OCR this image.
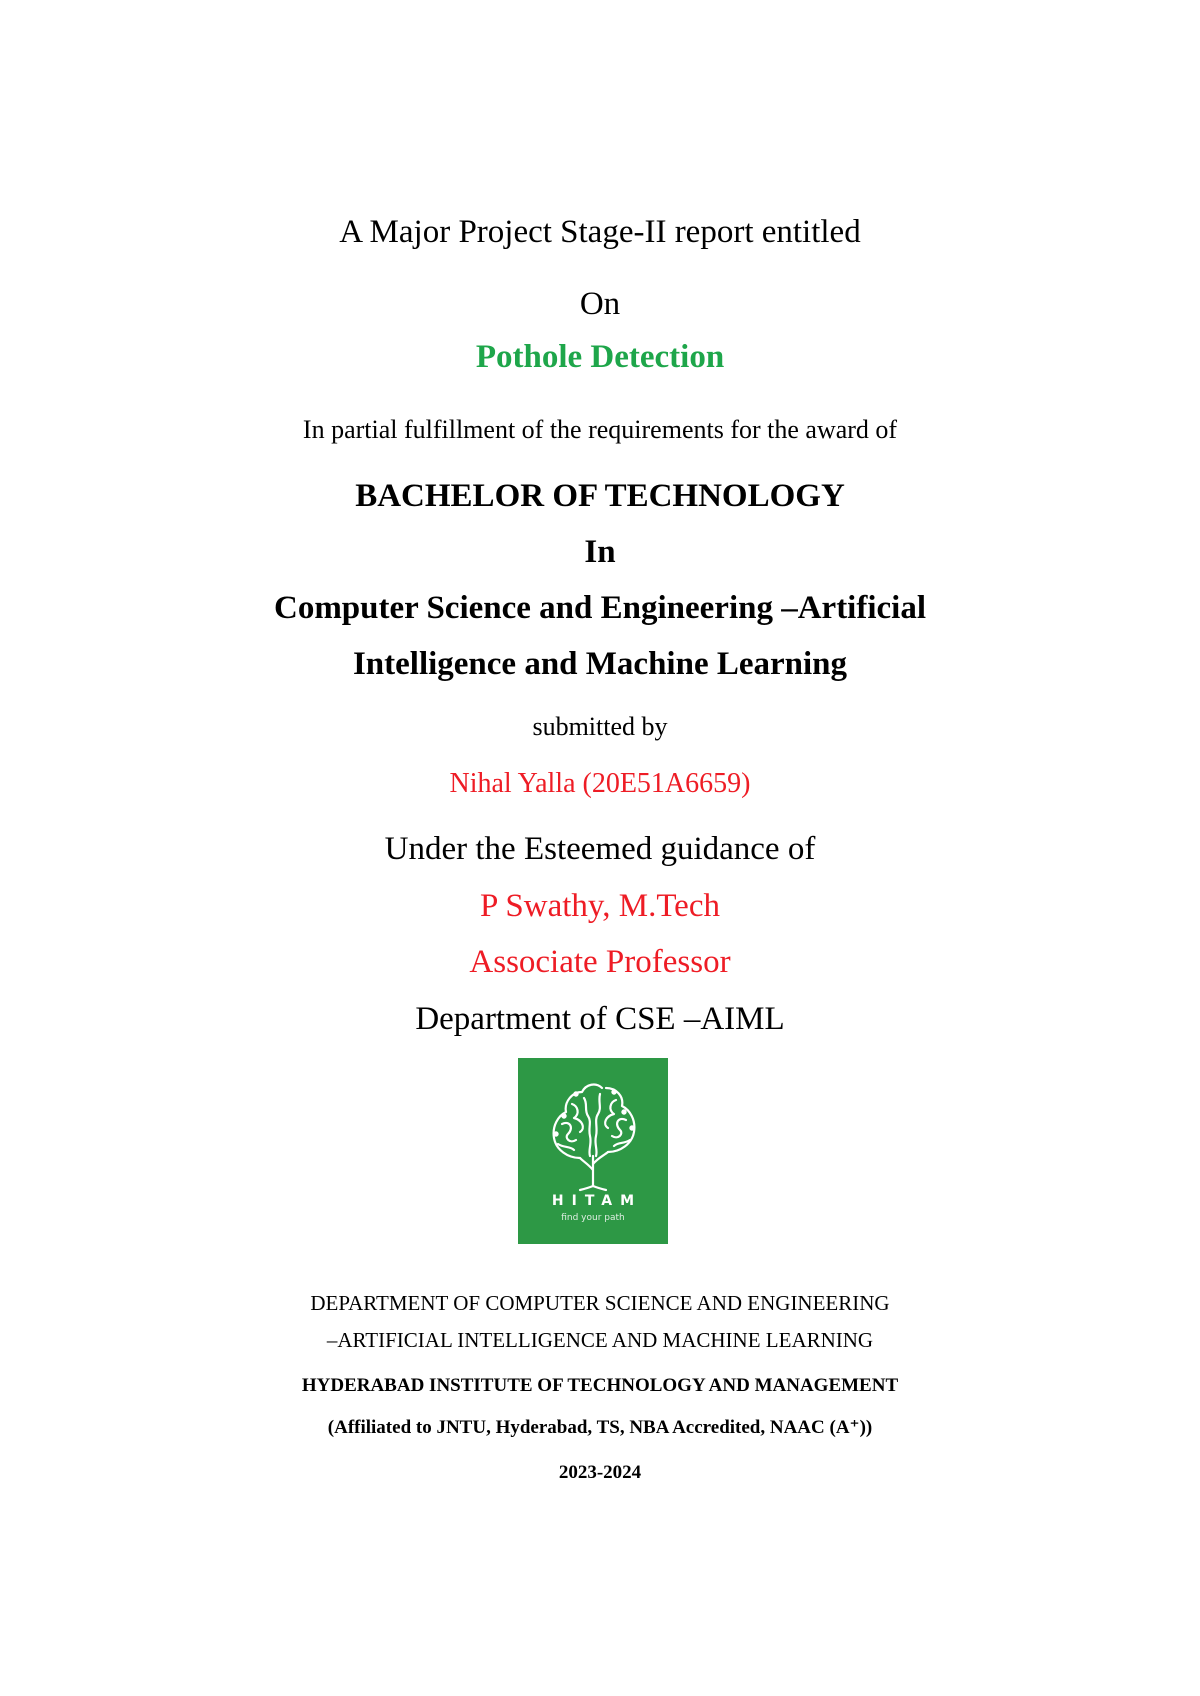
A Major Project Stage-II report entitled
On
Pothole Detection
In partial fulfillment of the requirements for the award of
BACHELOR OF TECHNOLOGY
In
Computer Science and Engineering –Artificial
Intelligence and Machine Learning
submitted by
Nihal Yalla (20E51A6659)
Under the Esteemed guidance of
P Swathy, M.Tech
Associate Professor
Department of CSE –AIML
HITAM
find your path
DEPARTMENT OF COMPUTER SCIENCE AND ENGINEERING
–ARTIFICIAL INTELLIGENCE AND MACHINE LEARNING
HYDERABAD INSTITUTE OF TECHNOLOGY AND MANAGEMENT
(Affiliated to JNTU, Hyderabad, TS, NBA Accredited, NAAC (A⁺))
2023-2024
